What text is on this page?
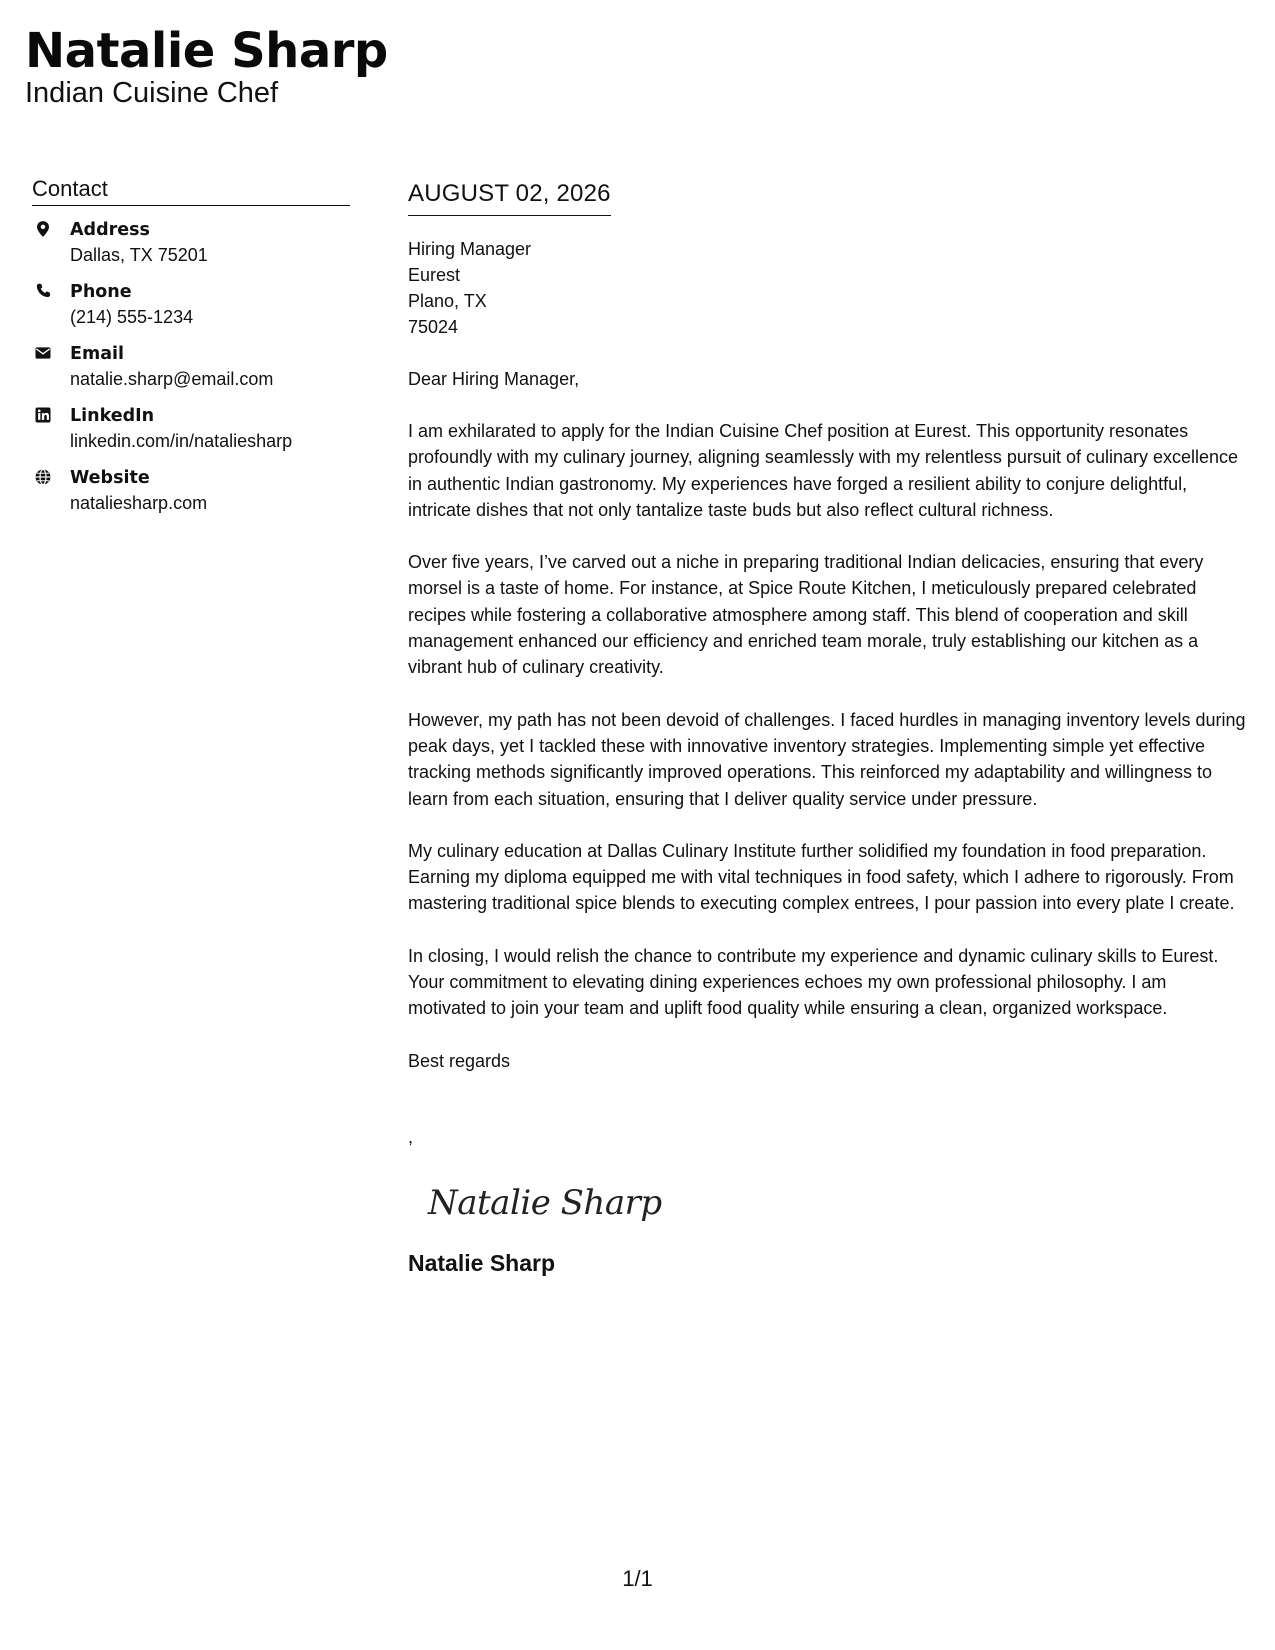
Natalie Sharp
Indian Cuisine Chef
Contact
Address
Dallas, TX 75201
Phone
(214) 555-1234
Email
natalie.sharp@email.com
LinkedIn
linkedin.com/in/nataliesharp
Website
nataliesharp.com
AUGUST 02, 2026
Hiring Manager
Eurest
Plano, TX
75024
Dear Hiring Manager,
I am exhilarated to apply for the Indian Cuisine Chef position at Eurest. This opportunity resonates profoundly with my culinary journey, aligning seamlessly with my relentless pursuit of culinary excellence in authentic Indian gastronomy. My experiences have forged a resilient ability to conjure delightful, intricate dishes that not only tantalize taste buds but also reflect cultural richness.
Over five years, I’ve carved out a niche in preparing traditional Indian delicacies, ensuring that every morsel is a taste of home. For instance, at Spice Route Kitchen, I meticulously prepared celebrated recipes while fostering a collaborative atmosphere among staff. This blend of cooperation and skill management enhanced our efficiency and enriched team morale, truly establishing our kitchen as a vibrant hub of culinary creativity.
However, my path has not been devoid of challenges. I faced hurdles in managing inventory levels during peak days, yet I tackled these with innovative inventory strategies. Implementing simple yet effective tracking methods significantly improved operations. This reinforced my adaptability and willingness to learn from each situation, ensuring that I deliver quality service under pressure.
My culinary education at Dallas Culinary Institute further solidified my foundation in food preparation. Earning my diploma equipped me with vital techniques in food safety, which I adhere to rigorously. From mastering traditional spice blends to executing complex entrees, I pour passion into every plate I create.
In closing, I would relish the chance to contribute my experience and dynamic culinary skills to Eurest. Your commitment to elevating dining experiences echoes my own professional philosophy. I am motivated to join your team and uplift food quality while ensuring a clean, organized workspace.
Best regards
,
Natalie Sharp
Natalie Sharp
1/1
